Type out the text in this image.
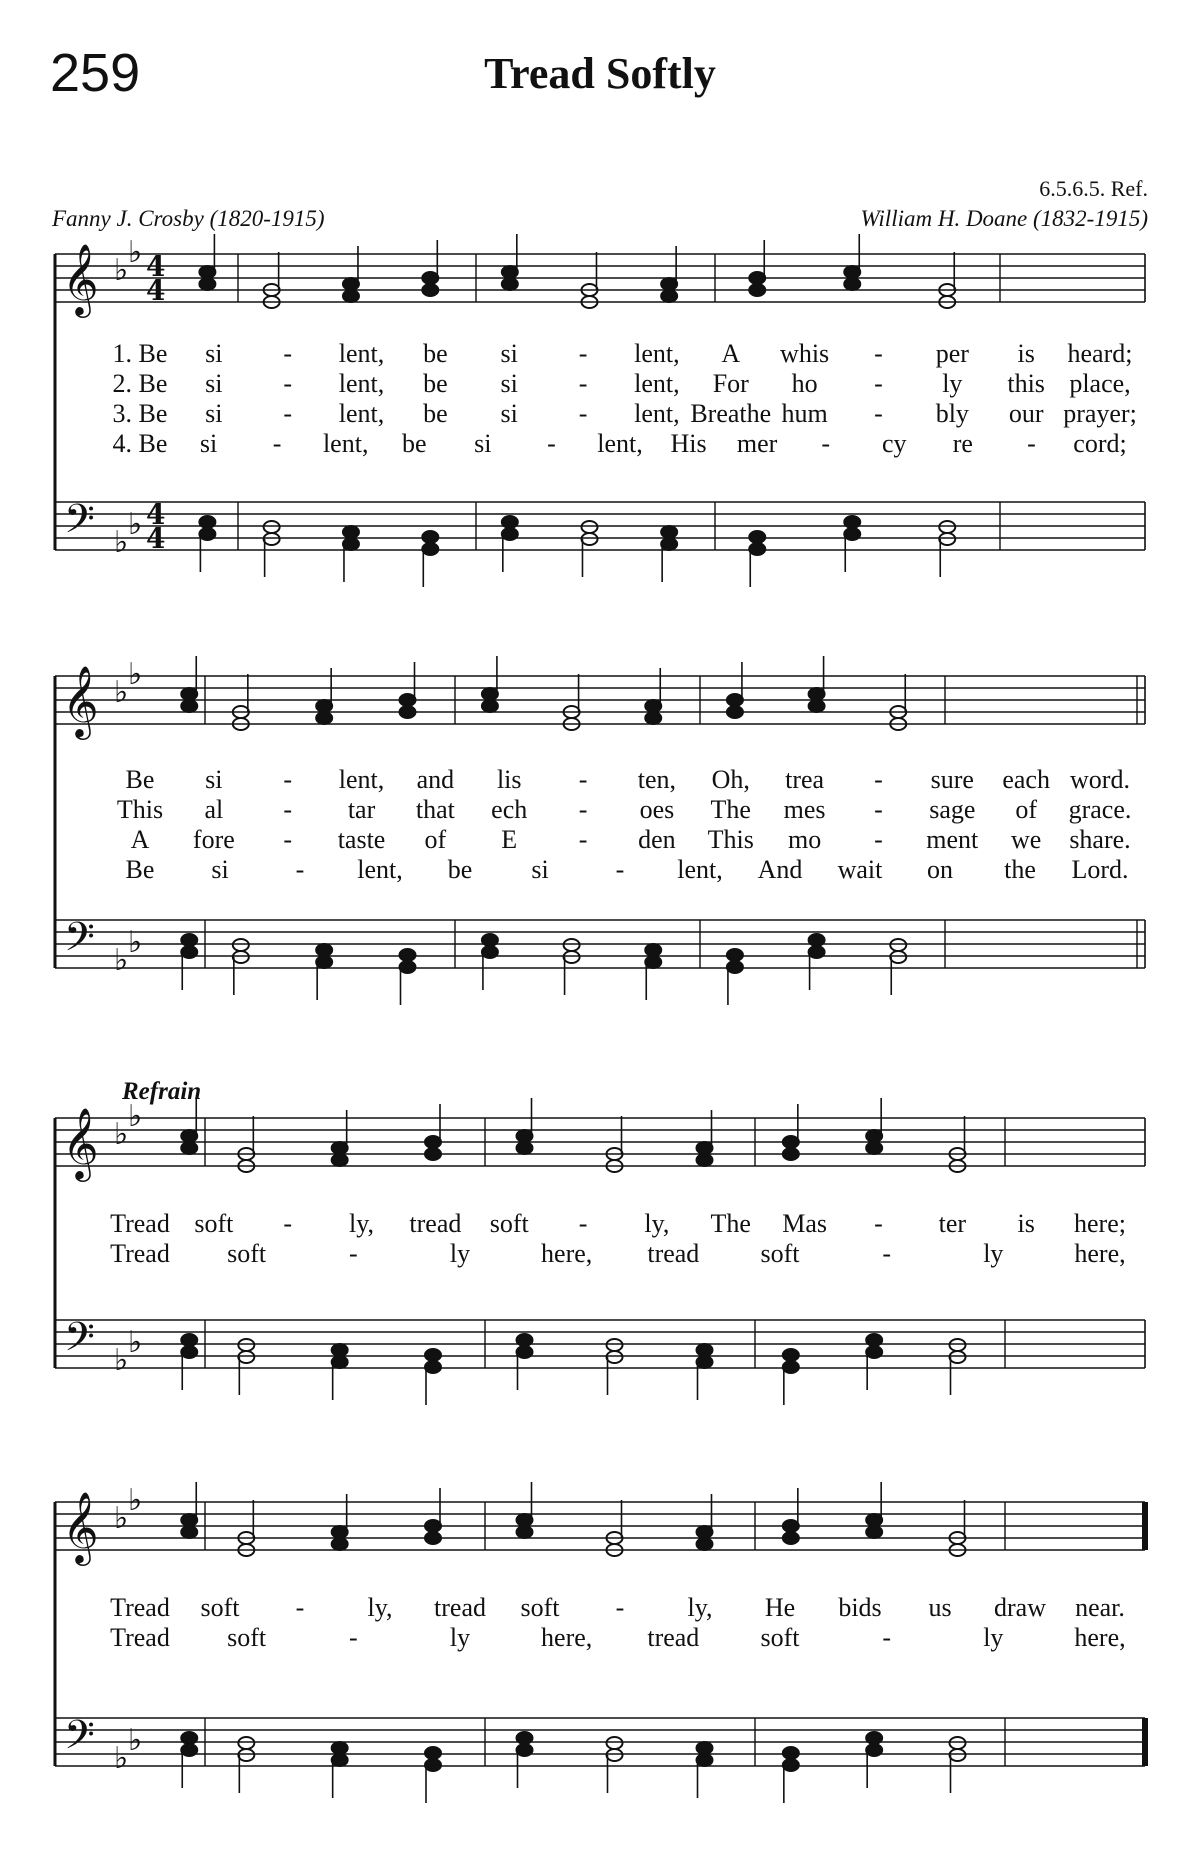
259	Tread Softly
6.5.6.5. Ref.
Fanny J. Crosby (1820-1915)	William H. Doane (1832-1915)
Refrain
𝄞
𝄢
♭
♭
♭
♭
4
4
4
4
1. Be si - lent, be si - lent, A whis - per is heard;
2. Be si - lent, be si - lent, For ho - ly this place,
3. Be si - lent, be si - lent, Breathe hum - bly our prayer;
4. Be si - lent, be si - lent, His mer - cy re - cord;
𝄞
𝄢
♭
♭
♭
♭
Be si - lent, and lis - ten, Oh, trea - sure each word.
This al - tar that ech - oes The mes - sage of grace.
A fore - taste of E - den This mo - ment we share.
Be si	- lent, be si	- lent, And wait on the Lord.
𝄞
𝄢
♭
♭
♭
♭
Tread soft - ly, tread soft - ly, The Mas - ter is here;
Tread soft	-	ly	here, tread soft	-	ly	here,
𝄞
𝄢
♭
♭
♭
♭
Tread soft - ly, tread soft - ly, He bids us draw near.
Tread soft	-	ly	here, tread soft	-	ly	here,
